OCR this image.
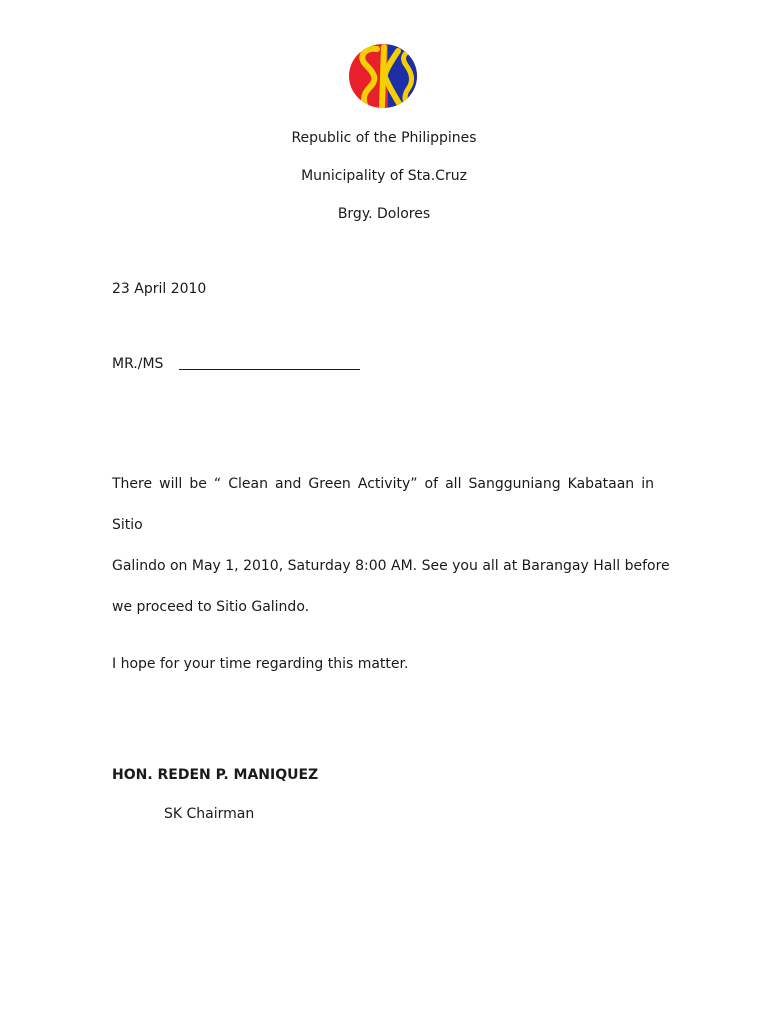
Republic of the Philippines
Municipality of Sta.Cruz
Brgy. Dolores
23 April 2010
MR./MS
There will be “ Clean and Green Activity” of all Sangguniang Kabataan in Sitio
Galindo on May 1, 2010, Saturday 8:00 AM. See you all at Barangay Hall before
we proceed to Sitio Galindo.
I hope for your time regarding this matter.
HON. REDEN P. MANIQUEZ
SK Chairman
